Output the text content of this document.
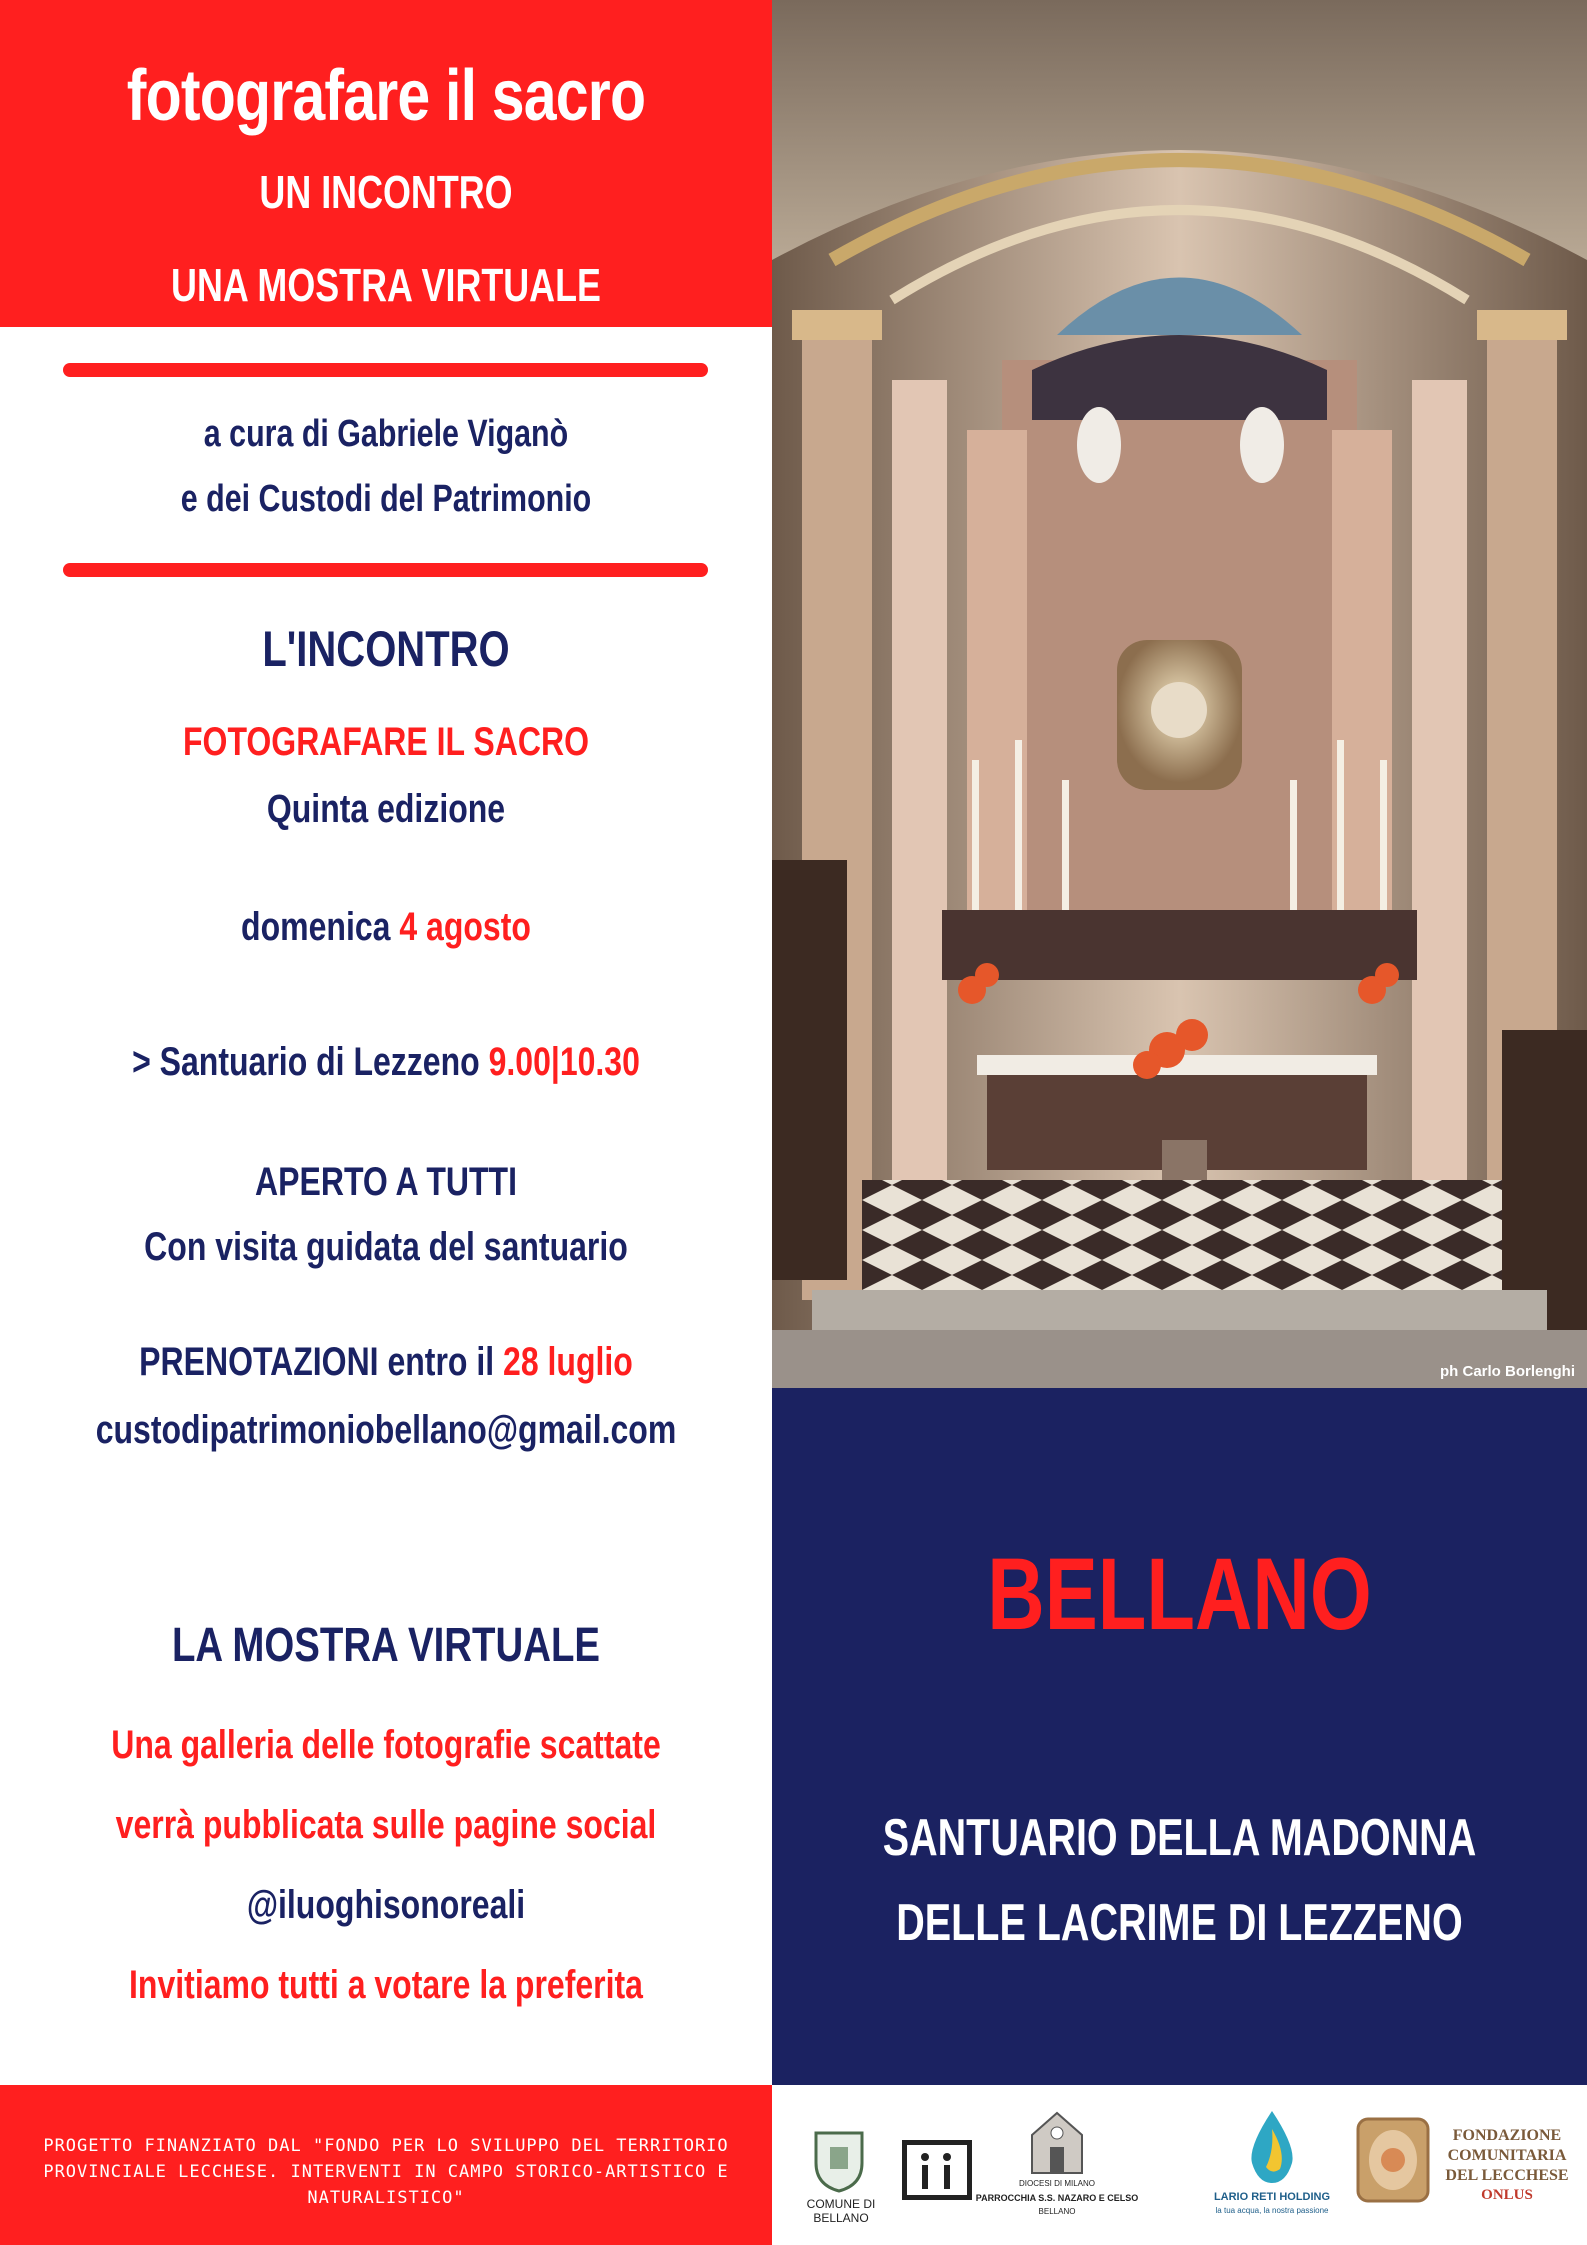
fotografare il sacro
UN INCONTRO
UNA MOSTRA VIRTUALE
a cura di Gabriele Viganò
e dei Custodi del Patrimonio
L'INCONTRO
FOTOGRAFARE IL SACRO
Quinta edizione
domenica 4 agosto
> Santuario di Lezzeno 9.00|10.30
APERTO A TUTTI
Con visita guidata del santuario
PRENOTAZIONI entro il 28 luglio
custodipatrimoniobellano@gmail.com
LA MOSTRA VIRTUALE
Una galleria delle fotografie scattate
verrà pubblicata sulle pagine social
@iluoghisonoreali
Invitiamo tutti a votare la preferita
ph Carlo Borlenghi
BELLANO
SANTUARIO DELLA MADONNA
DELLE LACRIME DI LEZZENO
PROGETTO FINANZIATO DAL "FONDO PER LO SVILUPPO DEL TERRITORIO PROVINCIALE LECCHESE. INTERVENTI IN CAMPO STORICO-ARTISTICO E NATURALISTICO"	COMUNE DI BELLANO
DIOCESI DI MILANO
PARROCCHIA S.S. NAZARO E CELSO
BELLANO
LARIO RETI HOLDING
la tua acqua, la nostra passione
FONDAZIONE
COMUNITARIA
DEL LECCHESE
ONLUS
